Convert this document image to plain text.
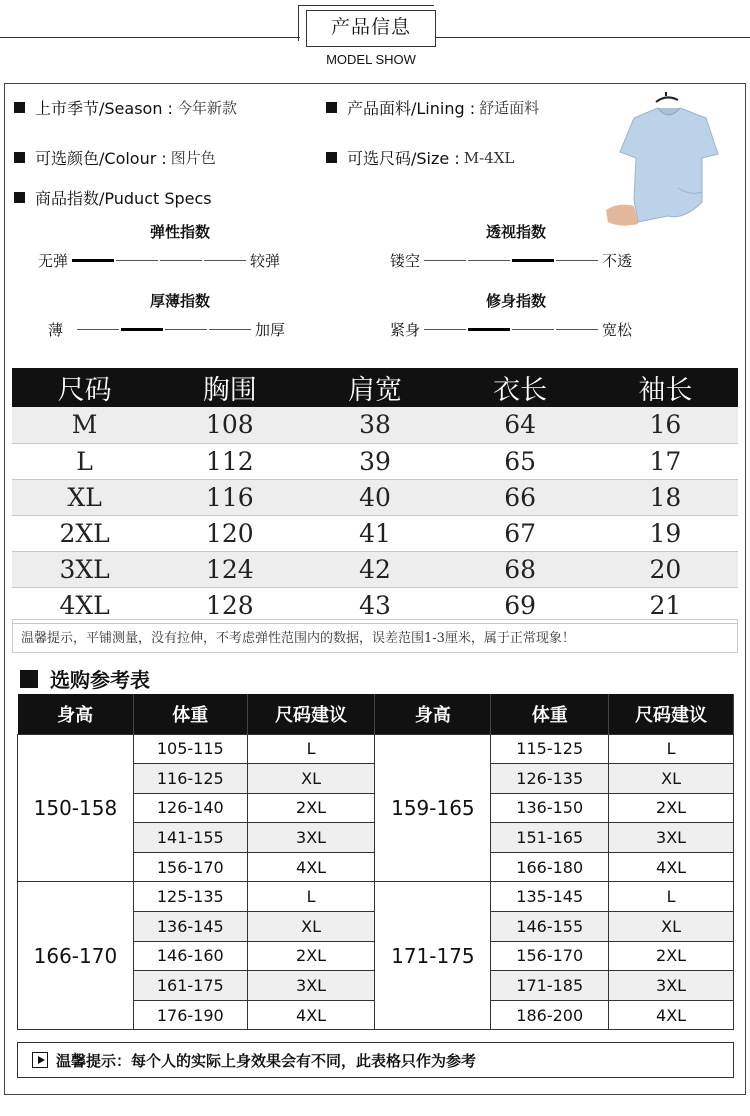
产品信息
MODEL SHOW
上市季节/Season : 今年新款	产品面料/Lining : 舒适面料
可选颜色/Colour : 图片色	可选尺码/Size : M-4XL
商品指数/Puduct Specs
弹性指数
无弹	较弹
透视指数
镂空	不透
厚薄指数
薄	加厚
修身指数
紧身	宽松
尺码	胸围	肩宽	衣长	袖长
M	108	38	64	16
L	112	39	65	17
XL	116	40	66	18
2XL	120	41	67	19
3XL	124	42	68	20
4XL	128	43	69	21
温馨提示，平铺测量，没有拉伸，不考虑弹性范围内的数据，误差范围1-3厘米，属于正常现象！
选购参考表
身高	体重	尺码建议	身高	体重	尺码建议
150-158	105-115	L	159-165	115-125	L
	116-125	XL		126-135	XL
	126-140	2XL		136-150	2XL
	141-155	3XL		151-165	3XL
	156-170	4XL		166-180	4XL
166-170	125-135	L	171-175	135-145	L
	136-145	XL		146-155	XL
	146-160	2XL		156-170	2XL
	161-175	3XL		171-185	3XL
	176-190	4XL		186-200	4XL
温馨提示：每个人的实际上身效果会有不同，此表格只作为参考
